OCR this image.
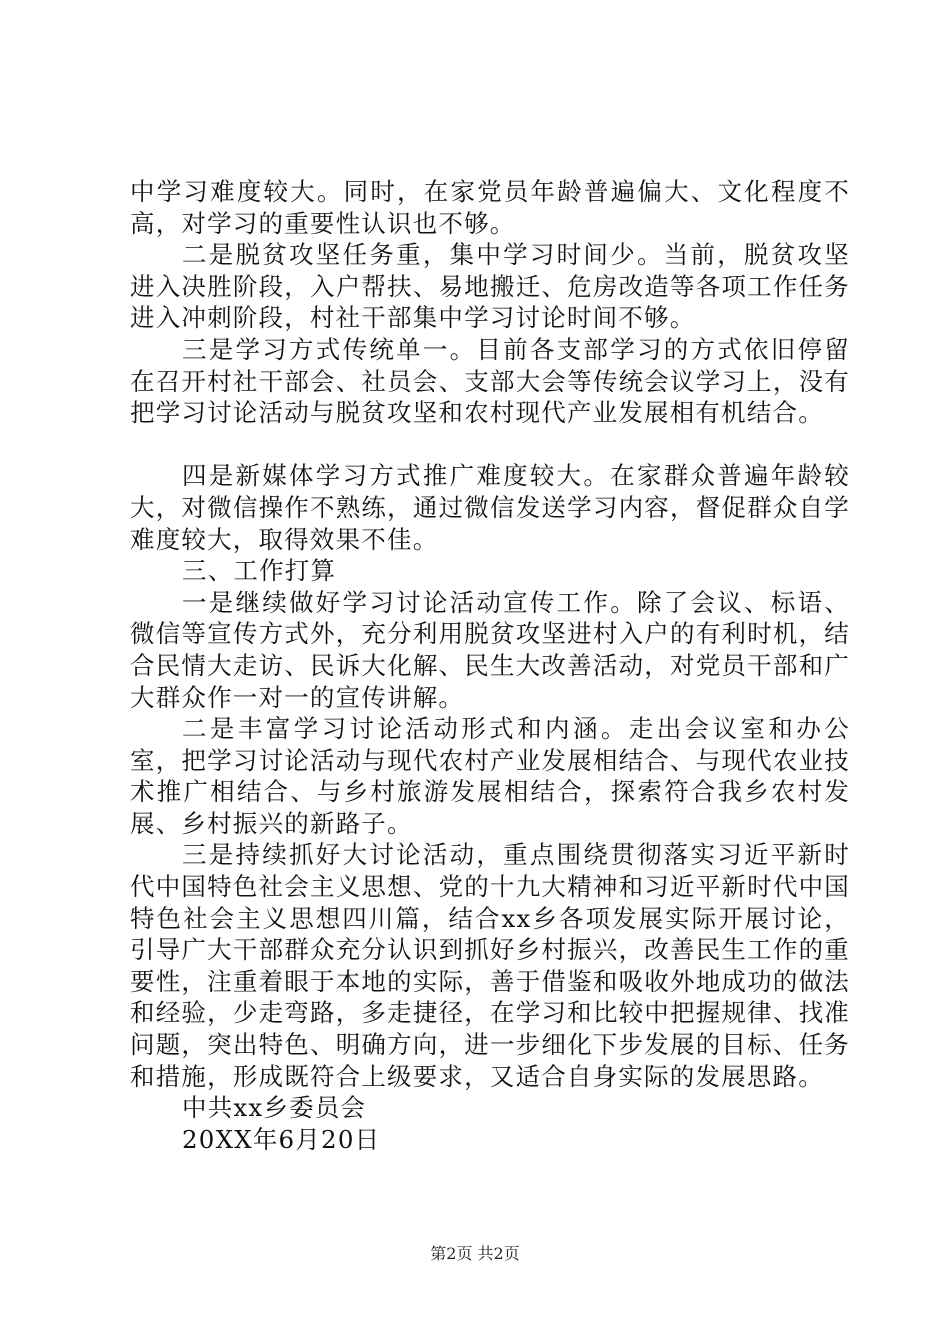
中学习难度较大。同时，在家党员年龄普遍偏大、文化程度不高，对学习的重要性认识也不够。

二是脱贫攻坚任务重，集中学习时间少。当前，脱贫攻坚进入决胜阶段，入户帮扶、易地搬迁、危房改造等各项工作任务进入冲刺阶段，村社干部集中学习讨论时间不够。

三是学习方式传统单一。目前各支部学习的方式依旧停留在召开村社干部会、社员会、支部大会等传统会议学习上，没有把学习讨论活动与脱贫攻坚和农村现代产业发展相有机结合。

四是新媒体学习方式推广难度较大。在家群众普遍年龄较大，对微信操作不熟练，通过微信发送学习内容，督促群众自学难度较大，取得效果不佳。

三、工作打算

一是继续做好学习讨论活动宣传工作。除了会议、标语、微信等宣传方式外，充分利用脱贫攻坚进村入户的有利时机，结合民情大走访、民诉大化解、民生大改善活动，对党员干部和广大群众作一对一的宣传讲解。

二是丰富学习讨论活动形式和内涵。走出会议室和办公室，把学习讨论活动与现代农村产业发展相结合、与现代农业技术推广相结合、与乡村旅游发展相结合，探索符合我乡农村发展、乡村振兴的新路子。

三是持续抓好大讨论活动，重点围绕贯彻落实习近平新时代中国特色社会主义思想、党的十九大精神和习近平新时代中国特色社会主义思想四川篇，结合xx乡各项发展实际开展讨论，引导广大干部群众充分认识到抓好乡村振兴，改善民生工作的重要性，注重着眼于本地的实际，善于借鉴和吸收外地成功的做法和经验，少走弯路，多走捷径，在学习和比较中把握规律、找准问题，突出特色、明确方向，进一步细化下步发展的目标、任务和措施，形成既符合上级要求，又适合自身实际的发展思路。

中共xx乡委员会

20XX年6月20日

第2页 共2页
